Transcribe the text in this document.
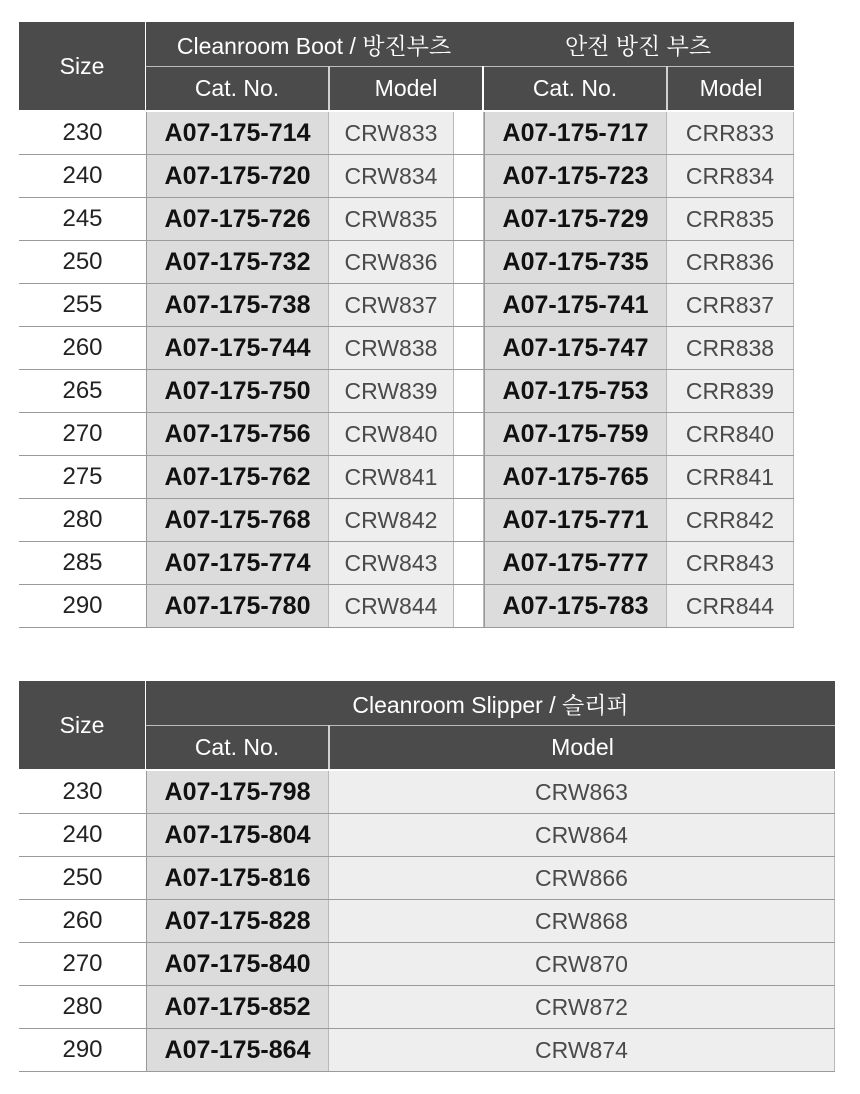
Size
Cleanroom Boot / 방진부츠	안전 방진 부츠
Cat. No.	Model	Cat. No.	Model
230	A07-175-714	CRW833	A07-175-717	CRR833
240	A07-175-720	CRW834	A07-175-723	CRR834
245	A07-175-726	CRW835	A07-175-729	CRR835
250	A07-175-732	CRW836	A07-175-735	CRR836
255	A07-175-738	CRW837	A07-175-741	CRR837
260	A07-175-744	CRW838	A07-175-747	CRR838
265	A07-175-750	CRW839	A07-175-753	CRR839
270	A07-175-756	CRW840	A07-175-759	CRR840
275	A07-175-762	CRW841	A07-175-765	CRR841
280	A07-175-768	CRW842	A07-175-771	CRR842
285	A07-175-774	CRW843	A07-175-777	CRR843
290	A07-175-780	CRW844	A07-175-783	CRR844
Size
Cleanroom Slipper / 슬리퍼
Cat. No.	Model
230	A07-175-798	CRW863
240	A07-175-804	CRW864
250	A07-175-816	CRW866
260	A07-175-828	CRW868
270	A07-175-840	CRW870
280	A07-175-852	CRW872
290	A07-175-864	CRW874
